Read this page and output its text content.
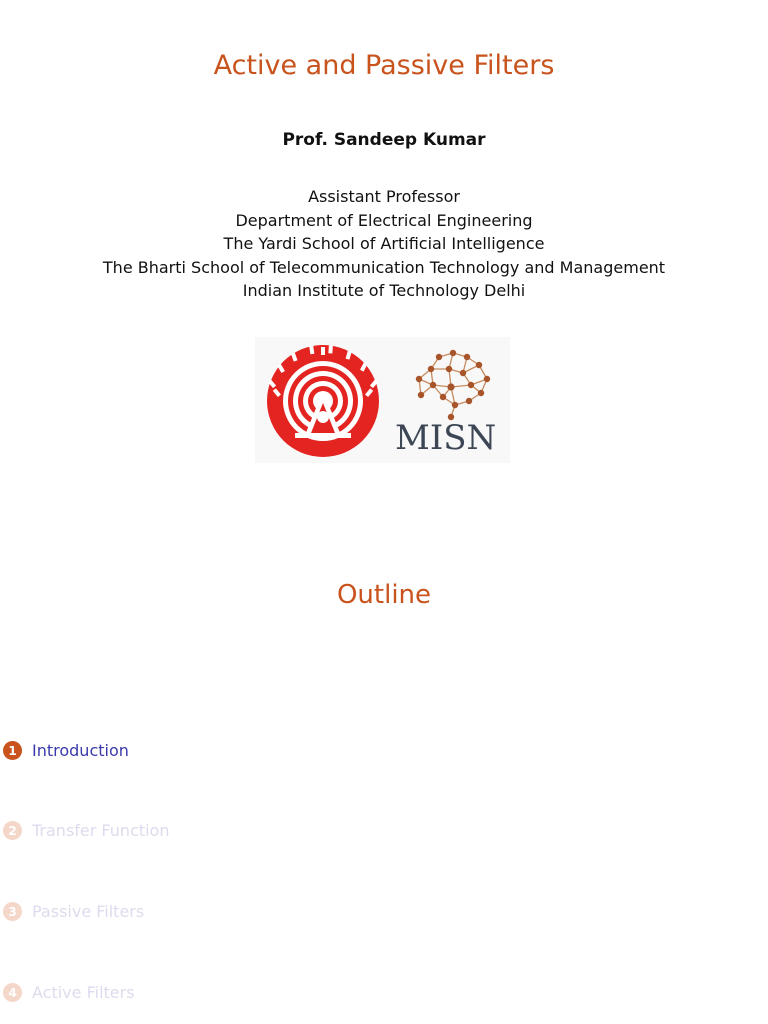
Active and Passive Filters
Prof. Sandeep Kumar
Assistant Professor
Department of Electrical Engineering
The Yardi School of Artificial Intelligence
The Bharti School of Telecommunication Technology and Management
Indian Institute of Technology Delhi
MISN
Outline
1 Introduction
2 Transfer Function
3 Passive Filters
4 Active Filters
